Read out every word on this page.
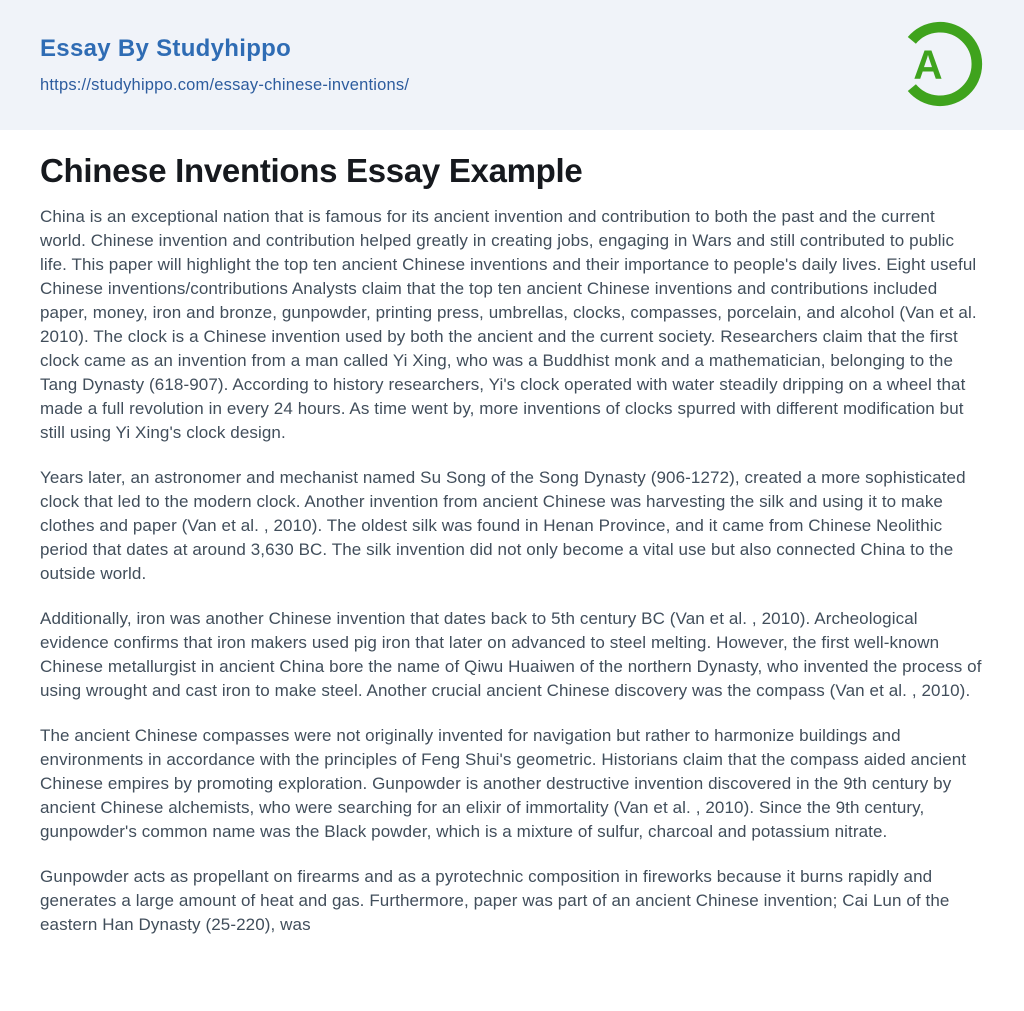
Essay By Studyhippo
https://studyhippo.com/essay-chinese-inventions/	A
Chinese Inventions Essay Example

China is an exceptional nation that is famous for its ancient invention and contribution to both the past and the current world. Chinese invention and contribution helped greatly in creating jobs, engaging in Wars and still contributed to public life. This paper will highlight the top ten ancient Chinese inventions and their importance to people's daily lives. Eight useful Chinese inventions/contributions Analysts claim that the top ten ancient Chinese inventions and contributions included paper, money, iron and bronze, gunpowder, printing press, umbrellas, clocks, compasses, porcelain, and alcohol (Van et al. 2010). The clock is a Chinese invention used by both the ancient and the current society. Researchers claim that the first clock came as an invention from a man called Yi Xing, who was a Buddhist monk and a mathematician, belonging to the Tang Dynasty (618-907). According to history researchers, Yi's clock operated with water steadily dripping on a wheel that made a full revolution in every 24 hours. As time went by, more inventions of clocks spurred with different modification but still using Yi Xing's clock design.

Years later, an astronomer and mechanist named Su Song of the Song Dynasty (906-1272), created a more sophisticated clock that led to the modern clock. Another invention from ancient Chinese was harvesting the silk and using it to make clothes and paper (Van et al. , 2010). The oldest silk was found in Henan Province, and it came from Chinese Neolithic period that dates at around 3,630 BC. The silk invention did not only become a vital use but also connected China to the outside world.

Additionally, iron was another Chinese invention that dates back to 5th century BC (Van et al. , 2010). Archeological evidence confirms that iron makers used pig iron that later on advanced to steel melting. However, the first well-known Chinese metallurgist in ancient China bore the name of Qiwu Huaiwen of the northern Dynasty, who invented the process of using wrought and cast iron to make steel. Another crucial ancient Chinese discovery was the compass (Van et al. , 2010).

The ancient Chinese compasses were not originally invented for navigation but rather to harmonize buildings and environments in accordance with the principles of Feng Shui's geometric. Historians claim that the compass aided ancient Chinese empires by promoting exploration. Gunpowder is another destructive invention discovered in the 9th century by ancient Chinese alchemists, who were searching for an elixir of immortality (Van et al. , 2010). Since the 9th century, gunpowder's common name was the Black powder, which is a mixture of sulfur, charcoal and potassium nitrate.

Gunpowder acts as propellant on firearms and as a pyrotechnic composition in fireworks because it burns rapidly and generates a large amount of heat and gas. Furthermore, paper was part of an ancient Chinese invention; Cai Lun of the eastern Han Dynasty (25-220), was
